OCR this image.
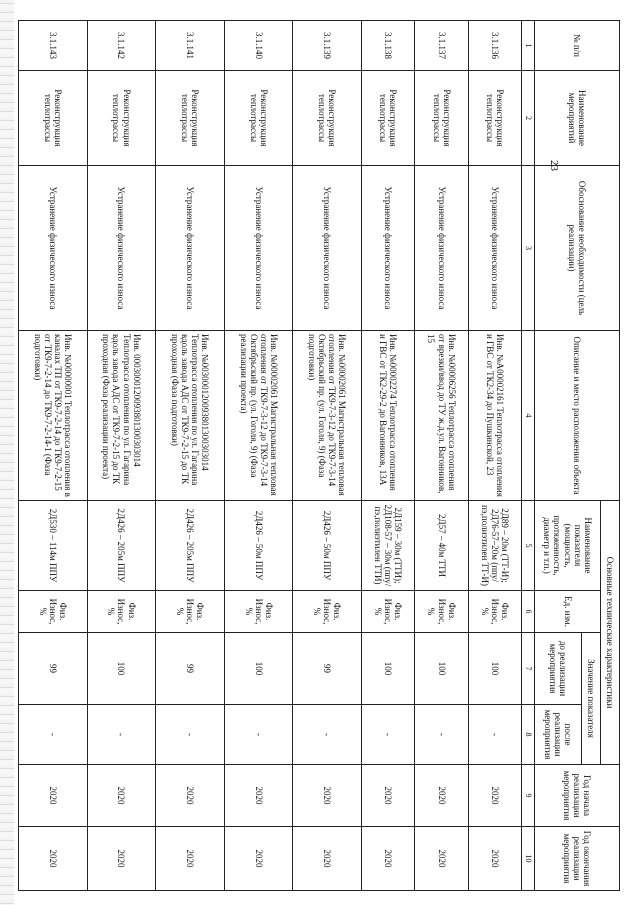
23
№ п/п	Наименование мероприятий	Обоснование необходимости (цель реализации)	Описание и место расположения объекта	Основные технические характеристики				Год начала реализации мероприятия	Год окончания реализации мероприятия
				Наименование показателя (мощность, протяженность, диаметр и т.п.)	Ед. изм.	Значение показателя			
						до реализации мероприятия	после реализации мероприятия		

1	2	3	4	5	6	7	8	9	10
3.1.136	Реконструкция теплотрассы	Устранение физического износа	Инв. №А00002161 Теплотрасса отопления и ГВС от ТК2-34 до Пушкинской, 23	2Д89 – 20м (ТТ-И); 2Д76-57–20м (ппу/пэ,полиэтилен ТТ-И)	Физ. Износ, %	100	-	2020	2020
3.1.137	Реконструкция теплотрассы	Устранение физического износа	Инв. №00006256 Теплотрасса отопления от врезки/ввод до ТУ ж.д.ул. Вагонников, 15	2Д57 – 40м ТТИ	Физ. Износ, %	100	-	2020	2020
3.1.138	Реконструкция теплотрассы	Устранение физического износа	Инв. №00002274 Теплотрасса отопления и ГВС от ТК2-29-2 до Вагонников, 13А	2Д159 – 30м (ТТИ); 2Д108-57 – 30м (ппу/пэ,полиэтилен ТТИ)	Физ. Износ, %	100	-	2020	2020
3.1.139	Реконструкция теплотрассы	Устранение физического износа	Инв. №00002061 Магистральная тепловая отопления от ТК9-7-3-12 до ТК9-7-3-14 Октябрьский пр. (ул. Гоголя, 9) (Фаза подготовки)	2Д426 – 50м ППУ	Физ. Износ, %	99	-	2020	2020
3.1.140	Реконструкция теплотрассы	Устранение физического износа	Инв. №00002061 Магистральная тепловая отопления от ТК9-7-3-12 до ТК9-7-3-14 Октябрьский пр. (ул. Гоголя, 9) (Фаза реализации проекта)	2Д426 – 50м ППУ	Физ. Износ, %	100	-	2020	2020
3.1.141	Реконструкция теплотрассы	Устранение физического износа	Инв. №003000120093801300303014 Теплотрасса отопления по ул. Гагарина вдоль завода АДС от ТК9-7-2-15 до ТК проходная (Фаза подготовки)	2Д426 – 205м ППУ	Физ. Износ, %	99	-	2020	2020
3.1.142	Реконструкция теплотрассы	Устранение физического износа	Инв. 0003000120093801300303014 Теплотрасса отопления по ул. Гагарина вдоль завода АДС от ТК9-7-2-15 до ТК проходная (Фаза реализации проекта)	2Д426 – 205м ППУ	Физ. Износ, %	100	-	2020	2020
3.1.143	Реконструкция теплотрассы	Устранение физического износа	Инв. №00000001 Теплотрасса отопления в каналах ТП от ТК9-7-2-14 до ТК9-7-2-15 от ТК9-7-2-14 до ТК9-7-2-14-1 (Фаза подготовки)	2Д530 – 114м ППУ	Физ. Износ, %	99	-	2020	2020
